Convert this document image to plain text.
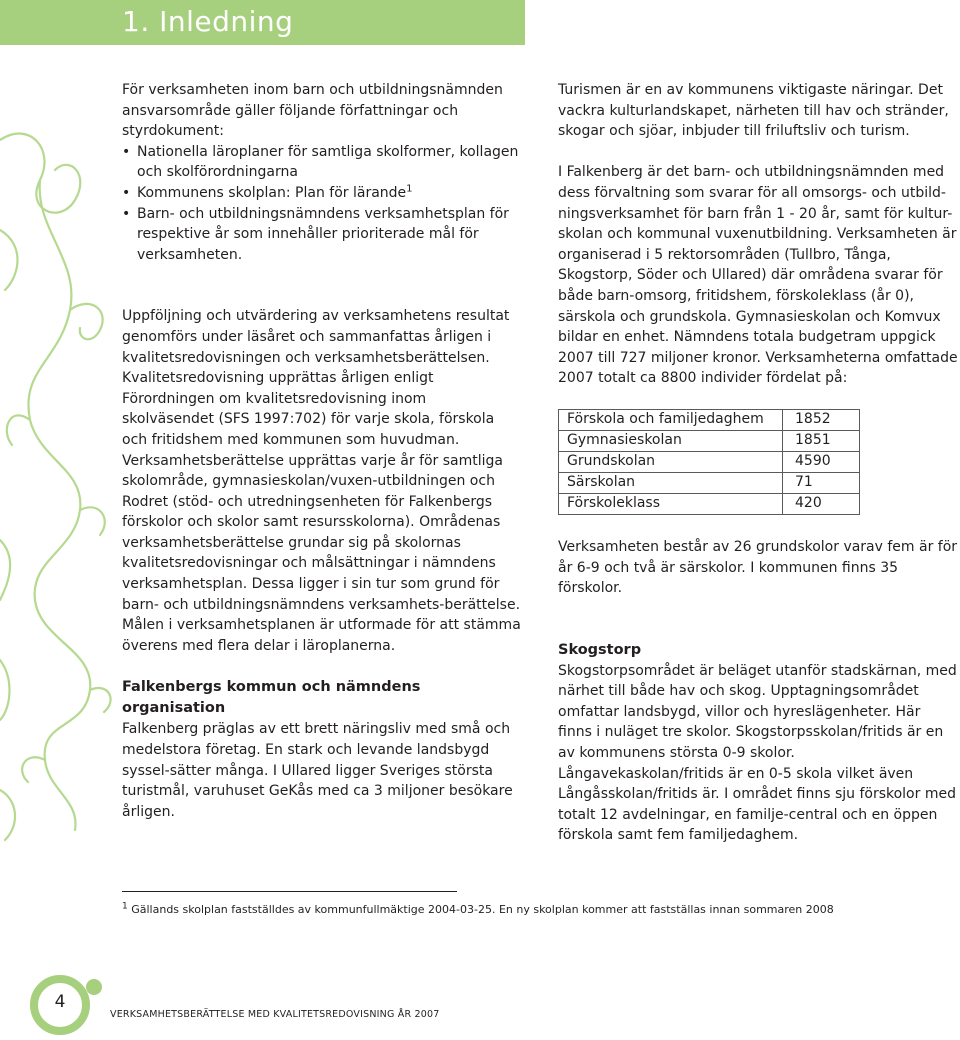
1. Inledning

För verksamheten inom barn och utbildningsnämnden ansvarsområde gäller följande författningar och styrdokument:

• Nationella läroplaner för samtliga skolformer, kollagen och skolförordningarna
• Kommunens skolplan: Plan för lärande$^1$
• Barn- och utbildningsnämndens verksamhetsplan för respektive år som innehåller prioriterade mål för verksamheten.

Uppföljning och utvärdering av verksamhetens resultat genomförs under läsåret och sammanfattas årligen i kvalitetsredovisningen och verksamhetsberättelsen. Kvalitetsredovisning upprättas årligen enligt Förordningen om kvalitetsredovisning inom skolväsendet (SFS 1997:702) för varje skola, förskola och fritidshem med kommunen som huvudman. Verksamhetsberättelse upprättas varje år för samtliga skolområde, gymnasieskolan/vuxen-utbildningen och Rodret (stöd- och utredningsenheten för Falkenbergs förskolor och skolor samt resursskolorna). Områdenas verksamhetsberättelse grundar sig på skolornas kvalitetsredovisningar och målsättningar i nämndens verksamhetsplan. Dessa ligger i sin tur som grund för barn- och utbildningsnämndens verksamhets-berättelse. Målen i verksamhetsplanen är utformade för att stämma överens med flera delar i läroplanerna.

Falkenbergs kommun och nämndens organisation

Falkenberg präglas av ett brett näringsliv med små och medelstora företag. En stark och levande landsbygd syssel-sätter många. I Ullared ligger Sveriges största turistmål, varuhuset GeKås med ca 3 miljoner besökare årligen.

Turismen är en av kommunens viktigaste näringar. Det vackra kulturlandskapet, närheten till hav och stränder, skogar och sjöar, inbjuder till friluftsliv och turism.

I Falkenberg är det barn- och utbildningsnämnden med dess förvaltning som svarar för all omsorgs- och utbild-ningsverksamhet för barn från 1 - 20 år, samt för kultur-skolan och kommunal vuxenutbildning. Verksamheten är organiserad i 5 rektorsområden (Tullbro, Tånga, Skogstorp, Söder och Ullared) där områdena svarar för både barn-omsorg, fritidshem, förskoleklass (år 0), särskola och grundskola. Gymnasieskolan och Komvux bildar en enhet. Nämndens totala budgetram uppgick 2007 till 727 miljoner kronor. Verksamheterna omfattade 2007 totalt ca 8800 individer fördelat på:

Förskola och familjedaghem	1852
Gymnasieskolan	1851
Grundskolan	4590
Särskolan	71
Förskoleklass	420

Verksamheten består av 26 grundskolor varav fem är för år 6-9 och två är särskolor. I kommunen finns 35 förskolor.

Skogstorp

Skogstorpsområdet är beläget utanför stadskärnan, med närhet till både hav och skog. Upptagningsområdet omfattar landsbygd, villor och hyreslägenheter. Här finns i nuläget tre skolor. Skogstorpsskolan/fritids är en av kommunens största 0-9 skolor. Långavekaskolan/fritids är en 0-5 skola vilket även Långåsskolan/fritids är. I området finns sju förskolor med totalt 12 avdelningar, en familje-central och en öppen förskola samt fem familjedaghem.

$^1$ Gällands skolplan fastställdes av kommunfullmäktige 2004-03-25. En ny skolplan kommer att fastställas innan sommaren 2008
4
VERKSAMHETSBERÄTTELSE MED KVALITETSREDOVISNING ÅR 2007
